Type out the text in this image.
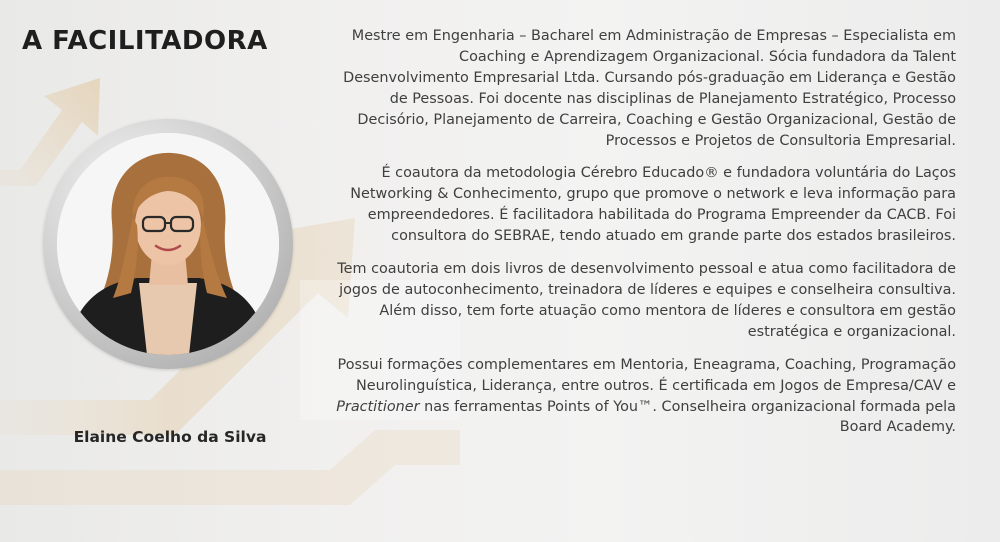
A FACILITADORA
Elaine Coelho da Silva

Mestre em Engenharia – Bacharel em Administração de Empresas – Especialista em Coaching e Aprendizagem Organizacional. Sócia fundadora da Talent Desenvolvimento Empresarial Ltda. Cursando pós-graduação em Liderança e Gestão de Pessoas. Foi docente nas disciplinas de Planejamento Estratégico, Processo Decisório, Planejamento de Carreira, Coaching e Gestão Organizacional, Gestão de Processos e Projetos de Consultoria Empresarial.

É coautora da metodologia Cérebro Educado® e fundadora voluntária do Laços Networking & Conhecimento, grupo que promove o network e leva informação para empreendedores. É facilitadora habilitada do Programa Empreender da CACB. Foi consultora do SEBRAE, tendo atuado em grande parte dos estados brasileiros.

Tem coautoria em dois livros de desenvolvimento pessoal e atua como facilitadora de jogos de autoconhecimento, treinadora de líderes e equipes e conselheira consultiva. Além disso, tem forte atuação como mentora de líderes e consultora em gestão estratégica e organizacional.

Possui formações complementares em Mentoria, Eneagrama, Coaching, Programação Neurolinguística, Liderança, entre outros. É certificada em Jogos de Empresa/CAV e Practitioner nas ferramentas Points of You™. Conselheira organizacional formada pela Board Academy.
